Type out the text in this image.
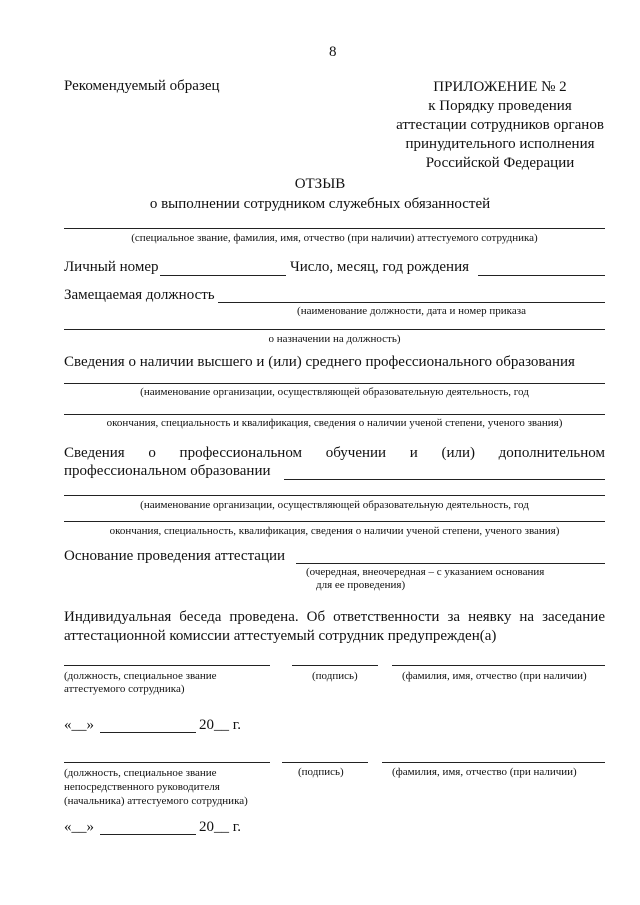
8
Рекомендуемый образец	ПРИЛОЖЕНИЕ № 2
к Порядку проведения
аттестации сотрудников органов
принудительного исполнения
Российской Федерации
ОТЗЫВ
о выполнении сотрудником служебных обязанностей
(специальное звание, фамилия, имя, отчество (при наличии) аттестуемого сотрудника)
Личный номер	Число, месяц, год рождения
Замещаемая должность
(наименование должности, дата и номер приказа
о назначении на должность)
Сведения о наличии высшего и (или) среднего профессионального образования
(наименование организации, осуществляющей образовательную деятельность, год
окончания, специальность и квалификация, сведения о наличии ученой степени, ученого звания)
Сведения о профессиональном обучении и (или) дополнительном
профессиональном образовании
(наименование организации, осуществляющей образовательную деятельность, год
окончания, специальность, квалификация, сведения о наличии ученой степени, ученого звания)
Основание проведения аттестации
(очередная, внеочередная – с указанием основания
для ее проведения)
Индивидуальная беседа проведена. Об ответственности за неявку на заседание
аттестационной комиссии аттестуемый сотрудник предупрежден(а)
(должность, специальное звание
аттестуемого сотрудника)
(подпись)	(фамилия, имя, отчество (при наличии)
«__»	20__ г.
(должность, специальное звание
непосредственного руководителя
(начальника) аттестуемого сотрудника)
(подпись)	(фамилия, имя, отчество (при наличии)
«__»	20__ г.
